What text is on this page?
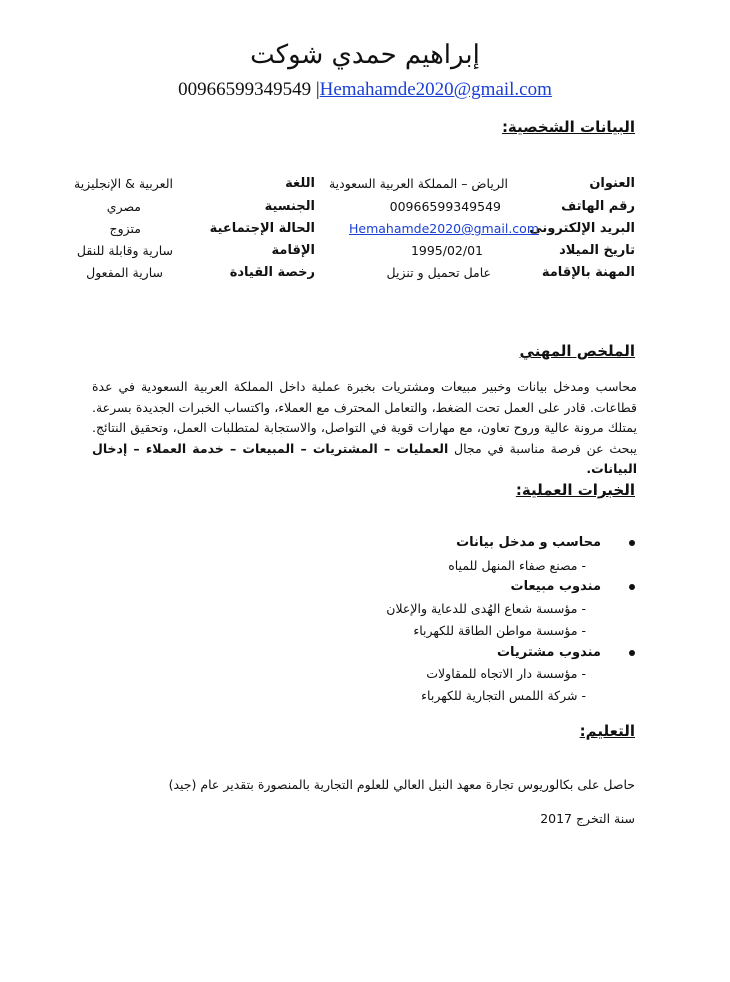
إبراهيم حمدي شوكت
00966599349549 |Hemahamde2020@gmail.com
البيانات الشخصية:
العنوان
رقم الهاتف
البريد الإلكتروني
تاريخ الميلاد
المهنة بالإقامة
الرياض – المملكة العربية السعودية
00966599349549
Hemahamde2020@gmail.com
1995/02/01
عامل تحميل و تنزيل
اللغة
الجنسية
الحالة الإجتماعية
الإقامة
رخصة القيادة
العربية & الإنجليزية
مصري
متزوج
سارية وقابلة للنقل
سارية المفعول
الملخص المهني
محاسب ومدخل بيانات وخبير مبيعات ومشتريات بخبرة عملية داخل المملكة العربية السعودية في عدة قطاعات. قادر على العمل تحت الضغط، والتعامل المحترف مع العملاء، واكتساب الخبرات الجديدة بسرعة. يمتلك مرونة عالية وروح تعاون، مع مهارات قوية في التواصل، والاستجابة لمتطلبات العمل، وتحقيق النتائج. يبحث عن فرصة مناسبة في مجال العمليات – المشتريات – المبيعات – خدمة العملاء – إدخال البيانات.
الخبرات العملية:
محاسب و مدخل بيانات
- مصنع صفاء المنهل للمياه
مندوب مبيعات
- مؤسسة شعاع الهُدى للدعاية والإعلان
- مؤسسة مواطن الطاقة للكهرباء
مندوب مشتريات
- مؤسسة دار الاتجاه للمقاولات
- شركة اللمس التجارية للكهرباء
التعليم:
حاصل على بكالوريوس تجارة معهد النيل العالي للعلوم التجارية بالمنصورة بتقدير عام (جيد)
سنة التخرج 2017
